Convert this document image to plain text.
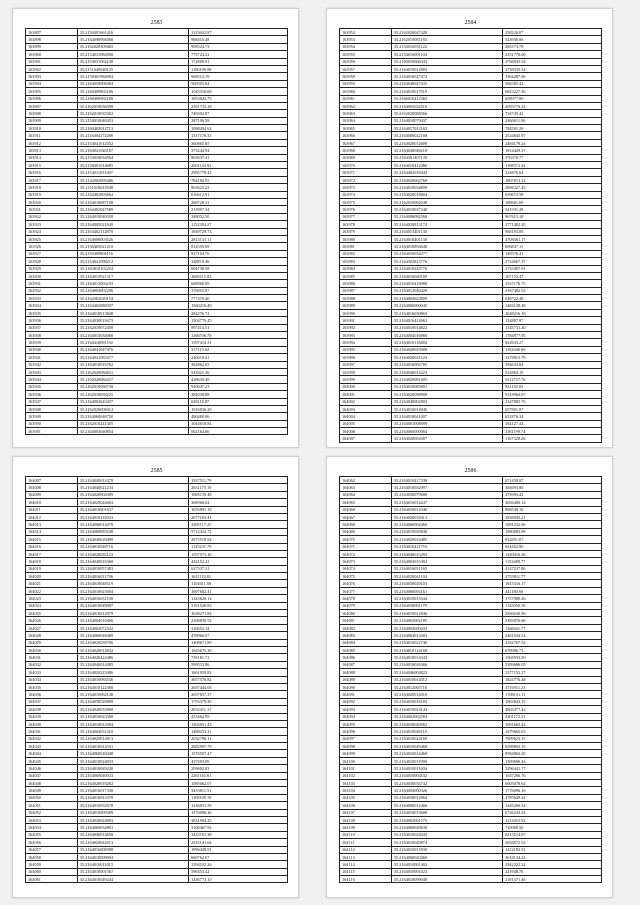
2583
163897	35.2150491661416	1125602.97
163898	35.2164098994068	968416.48
163899	35.2162020309465	908524.73
163900	35.2154031084900	775724.22
163901	35.2154031062148	172889.01
163902	35.2151640940125	1186196.98
163903	35.2158401984004	968514.19
163904	35.2164058008484	560505.84
163905	35.2168409802186	1045316.69
163906	35.2168408962180	1053643.75
163907	35.2162010036398	2391735.28
163908	35.2162010035302	749302.87
163909	35.2154010040453	287106.58
163910	35.2160402012713	1088494.62
163911	35.2116404172289	1317176.33
163912	35.2154041012352	360865.85
163913	35.2184041040187	373244.94
163914	35.2153010034504	863637.41
163915	35.2158401014685	2601143.92
163916	35.2154011031407	2985778.42
163917	35.2142002095406	784182.55
163918	35.2151010013548	863623.23
163919	35.2164402003662	616612.91
163920	35.2164010087108	266728.31
163921	35.2164402047589	213997.34
163922	35.2164010040358	348052.50
163923	35.2164005021649	1152384.27
163924	35.2164402112879	1949729.73
163925	35.2164006003526	2813131.11
163926	35.2156405021210	814559.69
163927	35.2150409804116	937104.76
163928	35.2154041098212	328819.46
163929	35.2163010102254	604738.58
163930	35.2164015921317	2069115.82
163931	35.2164015004233	668966.89
163932	35.2164004002296	376855.87
163933	35.2164302020154	777478.40
163934	35.2164402080397	1560216.49
163935	35.2164018013848	284276.72
163936	35.2164030019473	1504779.45
163937	35.2162010072458	997414.51
163938	35.2164015034068	1166706.70
163939	35.2164410091192	1597414.31
163940	35.2164041047476	317113.62
163941	35.2164041083477	246618.41
163942	35.2164010016782	382862.65
163943	35.2162020084631	543421.36
163944	35.2162020084437	428639.49
163945	35.2162010060738	920647.23
163946	35.2162018058225	484038.88
163947	35.2164003043437	658118.87
163948	35.2162020008414	1016836.20
163949	35.2164060046750	486480.06
163950	35.2162010241405	1044618.84
163951	35.2164003040854	662164.66
2584
163952	35.2162020047428	258226.87
163953	35.2162010081163	543936.86
163954	35.2154016031122	285573.78
163955	35.2154016001104	2351778.06
163956	35.2160010066443	2766945.54
163957	35.2164010012883	2758335.34
163958	35.2164016027472	1364287.06
163959	35.2164040047435	566585.42
163960	35.2164010017019	6823227.36
163961	35.2166010412382	658977.80
163962	35.2164005022518	2093776.22
163963	35.2162020088366	734745.42
163964	35.2164010079437	2466611.96
163965	35.2164017012165	784591.29
163966	35.2164006022168	2524845.97
163967	35.2164020012609	2484179.24
163968	35.2164040046218	1814429.37
163969	35.2164301407135	376376.77
163970	35.2164010412480	1108372.32
163971	35.2164402018443	324876.64
163972	35.2164020002768	1867813.12
163973	35.2164010034809	2856327.45
163974	35.2164020018804	659673.58
163975	35.2162010002048	188601.69
163976	35.2164010037240	541931.28
163977	35.2164006082360	967613.18
163978	35.2164020813174	2771402.20
163979	35.2164013401130	968193.06
163980	35.2164010401130	4708361.17
163981	35.2164010894648	696837.11
163982	35.2164016034277	149576.41
163983	35.2164302813776	2724667.37
163984	35.2164010243776	2733407.91
163985	35.2164016040189	167153.47
163986	35.2164016418080	1537176.75
163987	35.2164012040420	3167482.52
163988	35.2164004023809	648722.48
163989	35.2164006000045	1484128.48
163990	35.2164016030863	2648216.16
163991	35.2164016414062	134807.97
163992	35.2164010014822	1545731.40
163993	35.2164004016860	1784977.95
163994	35.2164010118484	822633.27
163995	35.2164020025008	1162446.60
163996	35.2164020021124	1378813.79
163997	35.2164016004785	394634.84
163998	35.2164040014223	914863.19
163999	35.2164020081005	6112757.76
164000	35.2164010085801	931135.03
164001	35.2164020098908	9318964.87
164002	35.2164040002803	2347805.76
164003	35.2164016014946	657801.87
164004	35.2164010041007	651876.34
164005	35.2164001008899	184127.44
164006	35.2164060000084	2561199.74
164007	35.2164020004387	1167328.26
2585
164007	35.2164040012479	1937511.79
164008	35.2164040021234	2651175.19
164009	35.2164020004309	1085159.48
164010	35.2164020044663	368966.04
164011	35.2164016001637	1035891.19
164012	35.2164010218433	2077163.41
164013	35.2164006014478	3285117.25
164014	35.2164060083548	5712422.72
164015	35.2164040020499	2875518.94
164016	35.2164010048716	1145231.79
164017	35.2164020035123	1557571.16
164018	35.2164020016368	434152.41
164019	35.2164010057483	627537.31
164020	35.2164016011796	1611119.61
164021	35.2164018048319	1101611.68
164022	35.2164016023004	1697602.41
164023	35.2164016051108	1345628.14
164024	35.2164010049987	3191526.83
164025	35.2164016012879	1638271.84
164026	35.2164004010466	2168839.52
164027	35.2164002072332	316652.14
164028	35.2164060048489	478966.07
164029	35.2164020039706	1408671.89
164030	35.2164020014832	1645675.39
164031	35.2164020424486	739181.72
164032	35.2164040014485	599533.86
164033	35.2164020243486	1661059.82
164034	35.2164010083536	3657576.82
164035	35.2164010122380	2637444.05
164036	35.2164010062148	2657657.37
164037	35.2164050020889	1755379.20
164038	35.2164020033960	2652411.17
164039	35.2164016023368	433462.99
164040	35.2164010014394	1302051.43
164041	35.2164004031410	1488253.31
164042	35.2164020014813	2032796.11
164043	35.2164010014331	2682997.79
164044	35.2164060040448	1576507.47
164045	35.2164010024033	437293.09
164046	35.2164010049248	299692.83
164047	35.2164060040033	2261161.61
164048	35.2164020018282	1085062.07
164049	35.2164016017338	3453811.51
164050	35.2164016013378	1109109.19
164051	35.2164010054578	1236831.59
164052	35.2164010009389	1376096.46
164053	35.2164020024803	3031994.25
164054	35.2164060034801	3106467.92
164055	35.2164040014658	3453191.38
164056	35.2164020042013	2525141.64
164057	35.2164016008398	1996428.91
164058	35.2164010009904	669762.67
164059	35.2164016012015	3394102.26
164060	35.2164010001367	596353.42
164061	35.2164010049244	1436773.15
2586
164062	35.2164010417338	671458.87
164063	35.2164010032097	384693.80
164064	35.2164030079688	475993.42
164065	35.2164016014247	3656406.14
164066	35.2164010014346	896549.16
164067	35.2164020018412	5838035.21
164068	35.2164060004466	1081232.06
164069	35.2164010049848	1980683.99
164070	35.2164020014485	932851.07
164071	35.2164010411753	624452.90
164072	35.2164040013293	1449416.36
164073	35.2164004015492	1153489.77
164074	35.2164016051163	4147237.86
164075	35.2164020041104	3753911.77
164076	35.2164030029103	1815316.17
164077	35.2164060004161	441180.60
164078	35.2164010013344	1757980.26
164079	35.2164030061179	1145050.16
164080	35.2164010012846	2566630.56
164081	35.2164002002185	2383976.66
164082	35.2164004000433	1168441.77
164083	35.2164004013403	2461034.54
164084	35.2164016022746	4162767.52
164085	35.2164010124168	678986.73
164086	35.2164010014343	1565933.50
164087	35.2164016026366	5399686.05
164088	35.2164046004822	2377152.27
164089	35.2164010014312	1824776.48
164090	35.2164012003716	3716911.23
164091	35.2164020014010	1708131.11
164092	35.2164010016183	1062843.15
164093	35.2164010023143	4965477.42
164094	35.2164002002583	2301172.31
164095	35.2164030040062	1091663.42
164096	35.2164010049110	1679665.03
164097	35.2164010024160	7809623.15
164098	35.2164010049468	8598863.19
164099	35.2164016014468	8584963.29
164100	35.2164010011990	1309696.44
164101	35.2164010011604	3296441.77
164102	35.2164010004532	1637266.76
164103	35.2164030033742	6005078.62
164104	35.2164004000326	1776096.16
164105	35.2164030012064	4785649.22
164106	35.2164006012466	1245266.34
164107	35.2164010013688	6726233.54
164108	35.2164002001575	1214415.82
164109	35.2164060020639	710000.50
164110	35.2164010024043	8213514.87
164111	35.2164010049874	3034072.52
164112	35.2164010011830	1412183.51
164113	35.2164060020460	3618134.24
164114	35.2164010001402	2942222.24
164115	35.2164010001023	221948.76
164116	35.2164010099048	2181371.46
